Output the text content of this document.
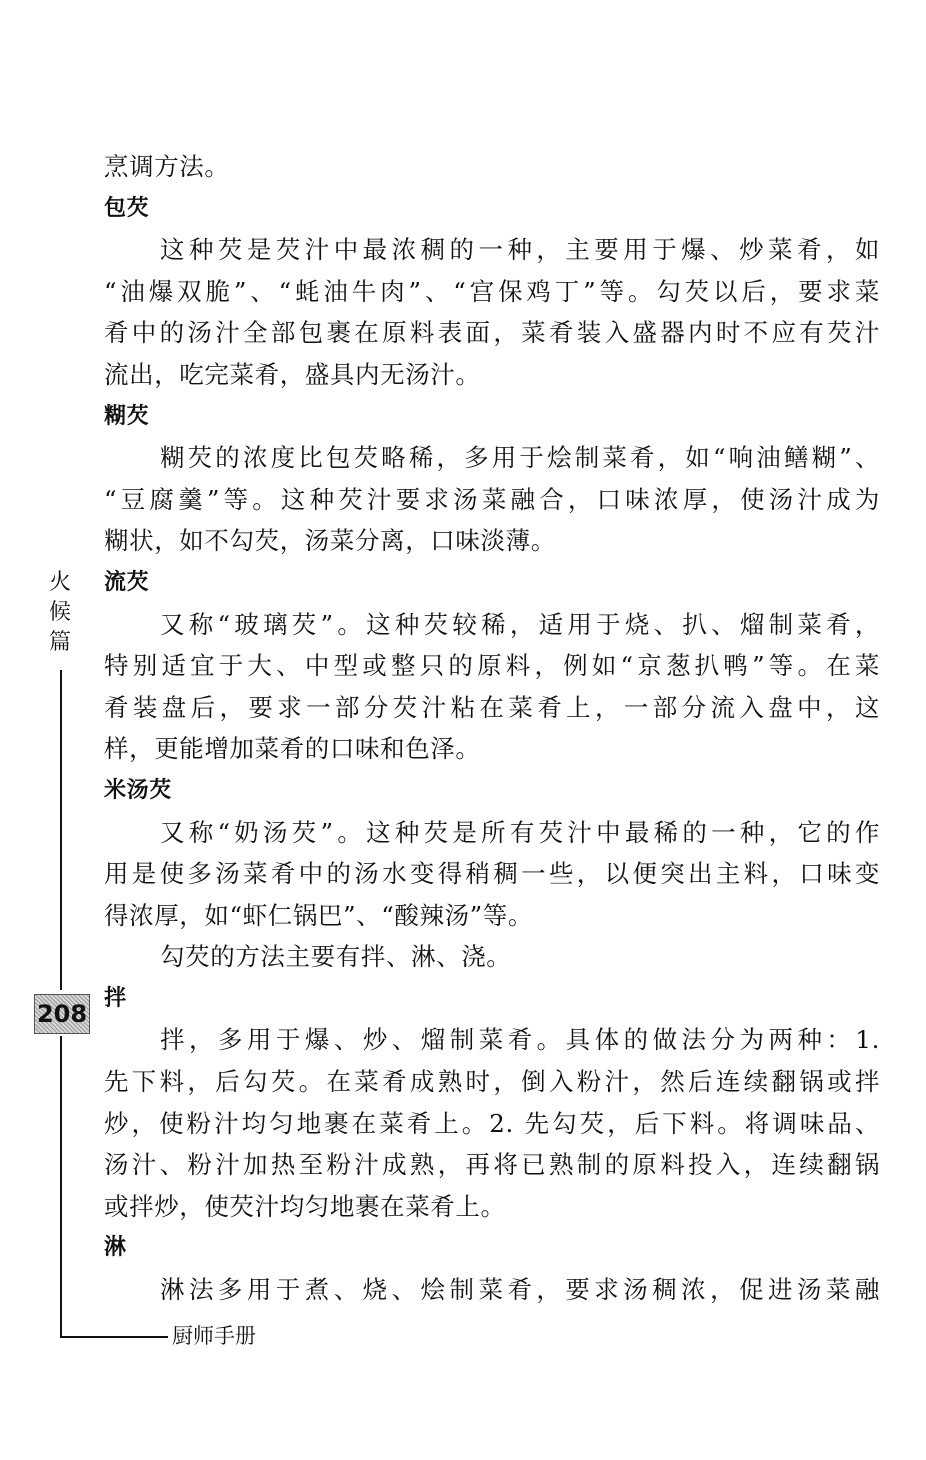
烹调方法。
包芡
这种芡是芡汁中最浓稠的一种，主要用于爆、炒菜肴，如
“油爆双脆”、“蚝油牛肉”、“宫保鸡丁”等。勾芡以后，要求菜
肴中的汤汁全部包裹在原料表面，菜肴装入盛器内时不应有芡汁
流出，吃完菜肴，盛具内无汤汁。
糊芡
糊芡的浓度比包芡略稀，多用于烩制菜肴，如“响油鳝糊”、
“豆腐羹”等。这种芡汁要求汤菜融合，口味浓厚，使汤汁成为
糊状，如不勾芡，汤菜分离，口味淡薄。
流芡
又称“玻璃芡”。这种芡较稀，适用于烧、扒、熘制菜肴，
特别适宜于大、中型或整只的原料，例如“京葱扒鸭”等。在菜
肴装盘后，要求一部分芡汁粘在菜肴上，一部分流入盘中，这
样，更能增加菜肴的口味和色泽。
米汤芡
又称“奶汤芡”。这种芡是所有芡汁中最稀的一种，它的作
用是使多汤菜肴中的汤水变得稍稠一些，以便突出主料，口味变
得浓厚，如“虾仁锅巴”、“酸辣汤”等。
勾芡的方法主要有拌、淋、浇。
拌
拌，多用于爆、炒、熘制菜肴。具体的做法分为两种：1.
先下料，后勾芡。在菜肴成熟时，倒入粉汁，然后连续翻锅或拌
炒，使粉汁均匀地裹在菜肴上。2. 先勾芡，后下料。将调味品、
汤汁、粉汁加热至粉汁成熟，再将已熟制的原料投入，连续翻锅
或拌炒，使芡汁均匀地裹在菜肴上。
淋
淋法多用于煮、烧、烩制菜肴，要求汤稠浓，促进汤菜融
火
候
篇
208
厨师手册
